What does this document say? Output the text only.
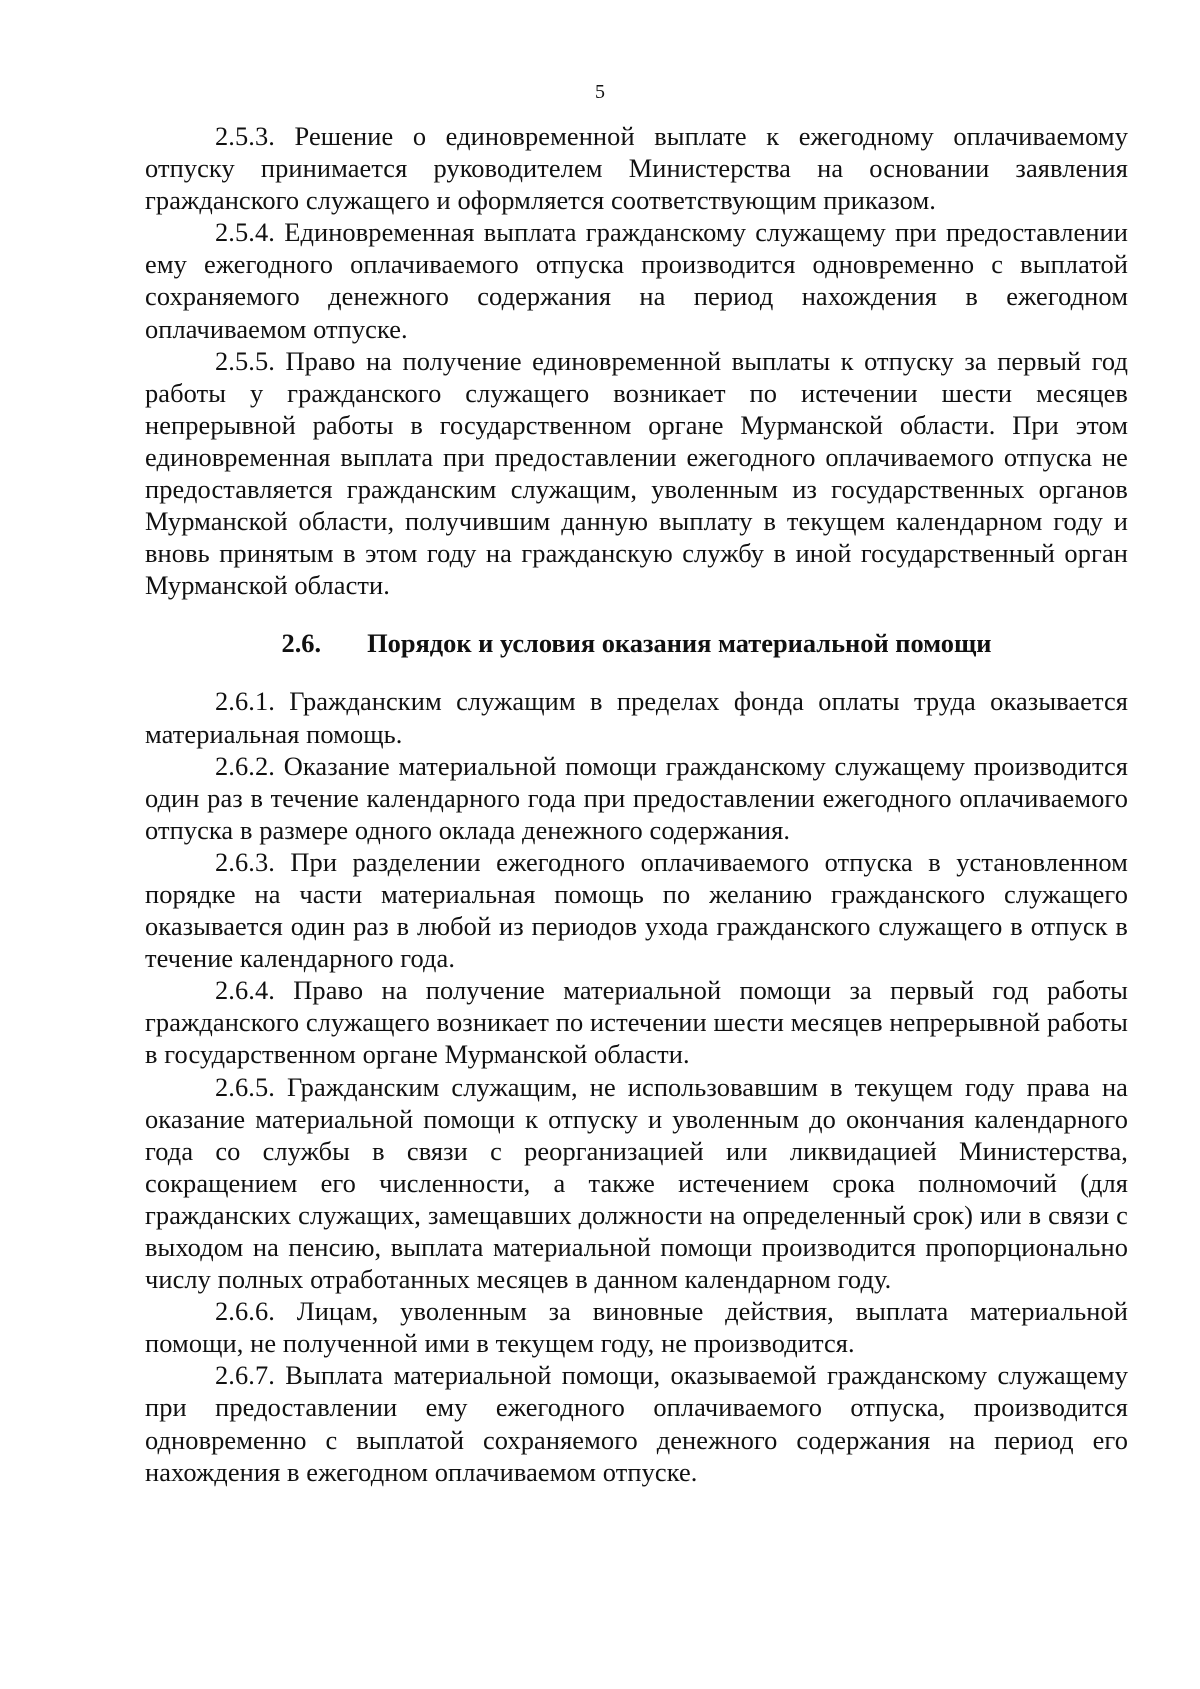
5

2.5.3. Решение о единовременной выплате к ежегодному оплачиваемому отпуску принимается руководителем Министерства на основании заявления гражданского служащего и оформляется соответствующим приказом.

2.5.4. Единовременная выплата гражданскому служащему при предоставлении ему ежегодного оплачиваемого отпуска производится одновременно с выплатой сохраняемого денежного содержания на период нахождения в ежегодном оплачиваемом отпуске.

2.5.5. Право на получение единовременной выплаты к отпуску за первый год работы у гражданского служащего возникает по истечении шести месяцев непрерывной работы в государственном органе Мурманской области. При этом единовременная выплата при предоставлении ежегодного оплачиваемого отпуска не предоставляется гражданским служащим, уволенным из государственных органов Мурманской области, получившим данную выплату в текущем календарном году и вновь принятым в этом году на гражданскую службу в иной государственный орган Мурманской области.

2.6. Порядок и условия оказания материальной помощи

2.6.1. Гражданским служащим в пределах фонда оплаты труда оказывается материальная помощь.

2.6.2. Оказание материальной помощи гражданскому служащему производится один раз в течение календарного года при предоставлении ежегодного оплачиваемого отпуска в размере одного оклада денежного содержания.

2.6.3. При разделении ежегодного оплачиваемого отпуска в установленном порядке на части материальная помощь по желанию гражданского служащего оказывается один раз в любой из периодов ухода гражданского служащего в отпуск в течение календарного года.

2.6.4. Право на получение материальной помощи за первый год работы гражданского служащего возникает по истечении шести месяцев непрерывной работы в государственном органе Мурманской области.

2.6.5. Гражданским служащим, не использовавшим в текущем году права на оказание материальной помощи к отпуску и уволенным до окончания календарного года со службы в связи с реорганизацией или ликвидацией Министерства, сокращением его численности, а также истечением срока полномочий (для гражданских служащих, замещавших должности на определенный срок) или в связи с выходом на пенсию, выплата материальной помощи производится пропорционально числу полных отработанных месяцев в данном календарном году.

2.6.6. Лицам, уволенным за виновные действия, выплата материальной помощи, не полученной ими в текущем году, не производится.

2.6.7. Выплата материальной помощи, оказываемой гражданскому служащему при предоставлении ему ежегодного оплачиваемого отпуска, производится одновременно с выплатой сохраняемого денежного содержания на период его нахождения в ежегодном оплачиваемом отпуске.
